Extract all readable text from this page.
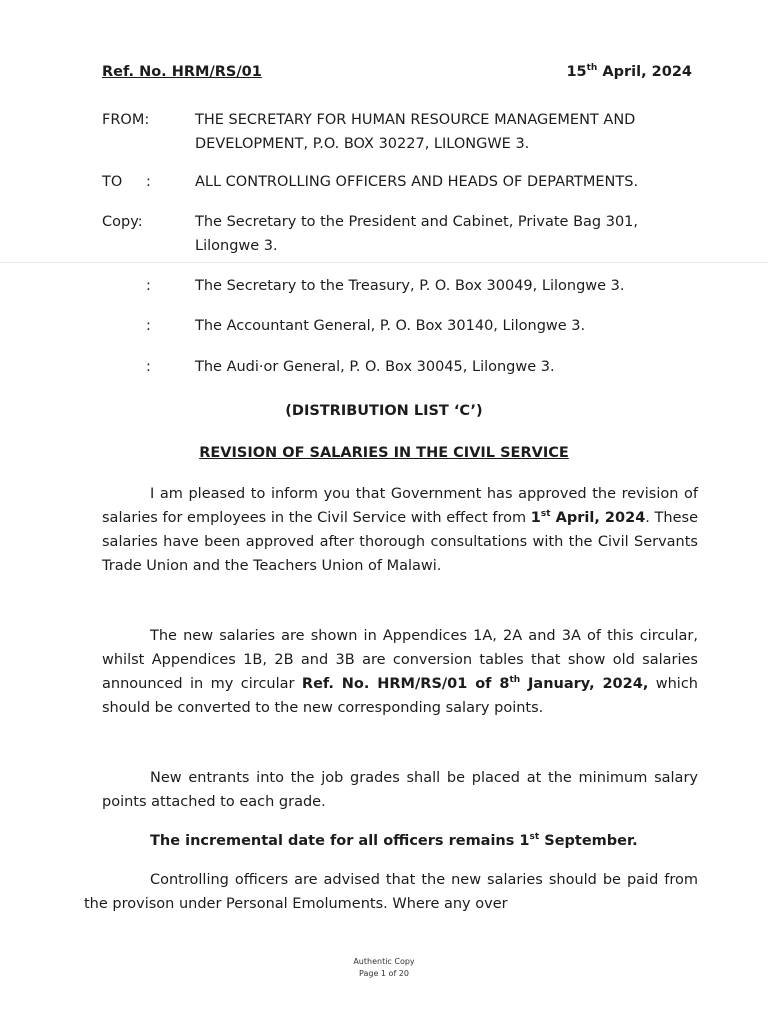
Ref. No. HRM/RS/01	15th April, 2024
FROM:	THE SECRETARY FOR HUMAN RESOURCE MANAGEMENT AND DEVELOPMENT, P.O. BOX 30227, LILONGWE 3.
TO :	ALL CONTROLLING OFFICERS AND HEADS OF DEPARTMENTS.
Copy:	The Secretary to the President and Cabinet, Private Bag 301, Lilongwe 3.
:	The Secretary to the Treasury, P. O. Box 30049, Lilongwe 3.
:	The Accountant General, P. O. Box 30140, Lilongwe 3.
:	The Audi·or General, P. O. Box 30045, Lilongwe 3.
(DISTRIBUTION LIST ‘C’)
REVISION OF SALARIES IN THE CIVIL SERVICE
I am pleased to inform you that Government has approved the revision of salaries for employees in the Civil Service with effect from 1st April, 2024. These salaries have been approved after thorough consultations with the Civil Servants Trade Union and the Teachers Union of Malawi.
The new salaries are shown in Appendices 1A, 2A and 3A of this circular, whilst Appendices 1B, 2B and 3B are conversion tables that show old salaries announced in my circular Ref. No. HRM/RS/01 of 8th January, 2024, which should be converted to the new corresponding salary points.
New entrants into the job grades shall be placed at the minimum salary points attached to each grade.
The incremental date for all officers remains 1st September.
Controlling officers are advised that the new salaries should be paid from the provison under Personal Emoluments. Where any over
Authentic Copy
Page 1 of 20
